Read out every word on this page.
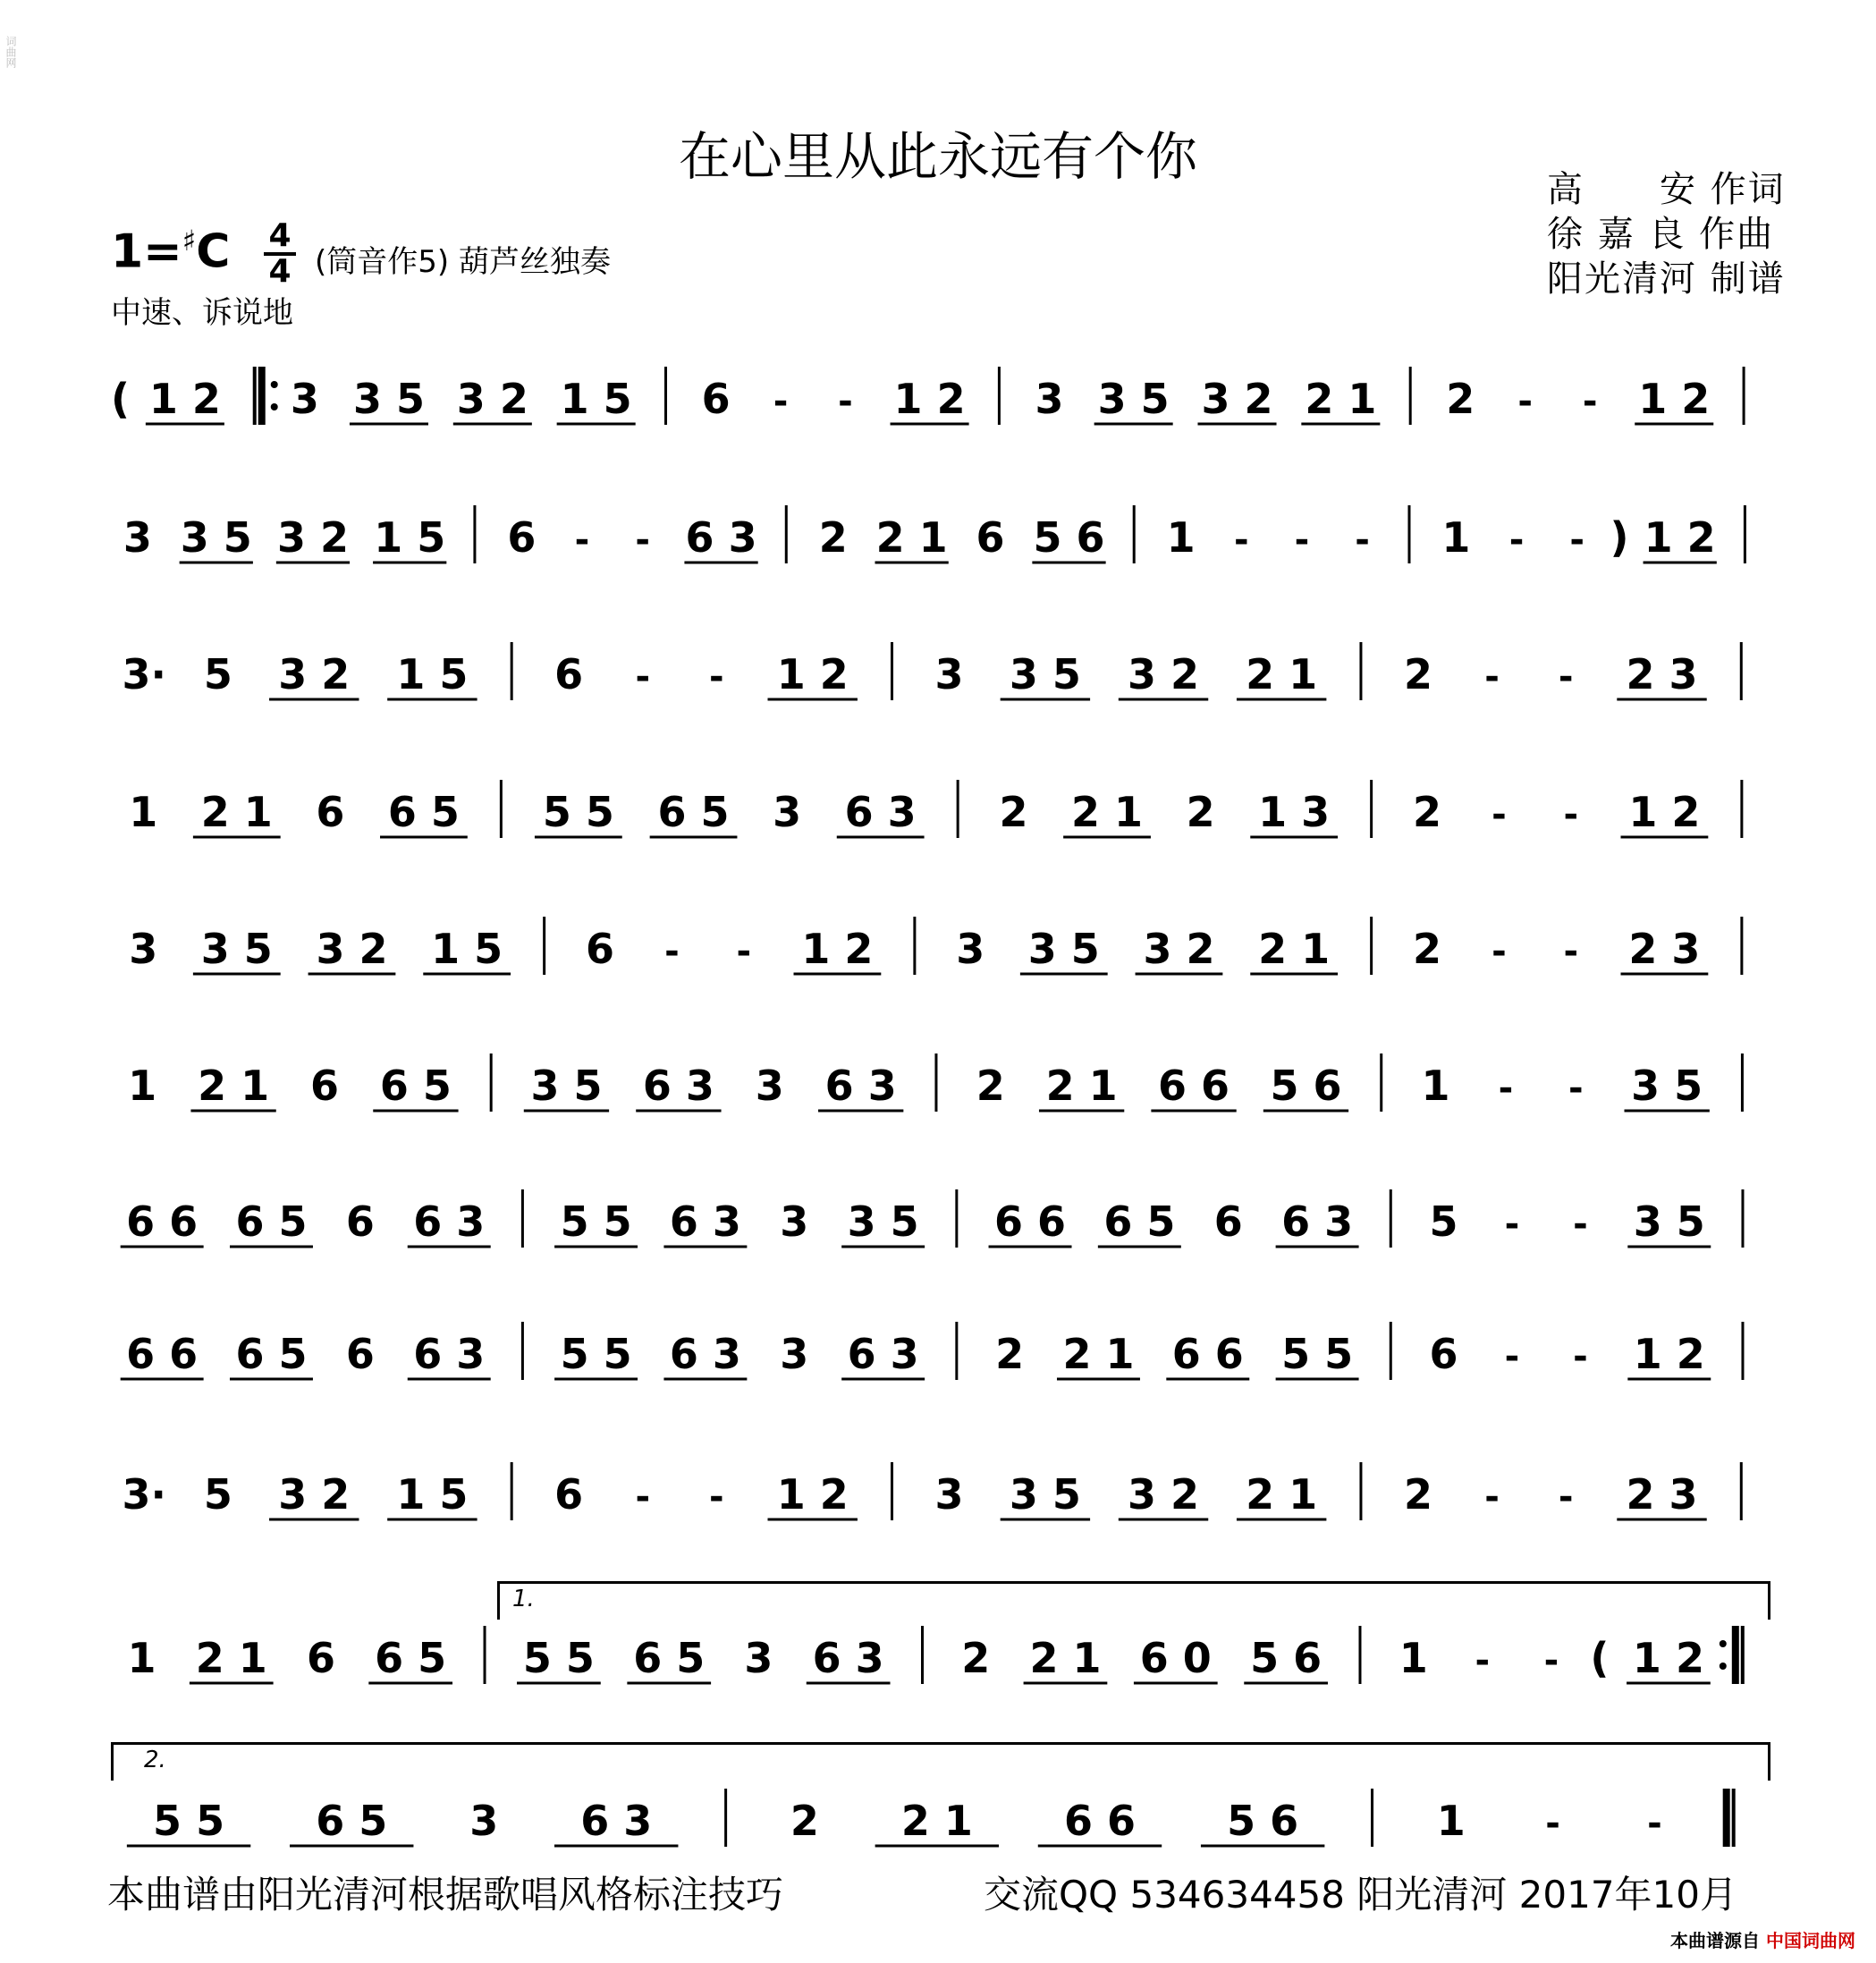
在心里从此永远有个你
高　　安 作词
徐 嘉 良 作曲
阳光清河 制谱
1=♯C 4
4 (筒音作5) 葫芦丝独奏
中速、诉说地
( 1 2 3 3 5 3 2 1 5 6 - - 1 2 3 3 5 3 2 2 1 2 - - 1 2
3 3 5 3 2 1 5 6 - - 6 3 2 2 1 6 5 6 1 - - - 1 - - ) 1 2
3· 5 3 2 1 5 6 - - 1 2 3 3 5 3 2 2 1 2 - - 2 3
1 2 1 6 6 5 5 5 6 5 3 6 3 2 2 1 2 1 3 2 - - 1 2
3 3 5 3 2 1 5 6 - - 1 2 3 3 5 3 2 2 1 2 - - 2 3
1 2 1 6 6 5 3 5 6 3 3 6 3 2 2 1 6 6 5 6 1 - - 3 5
6 6 6 5 6 6 3 5 5 6 3 3 3 5 6 6 6 5 6 6 3 5 - - 3 5
6 6 6 5 6 6 3 5 5 6 3 3 6 3 2 2 1 6 6 5 5 6 - - 1 2
3· 5 3 2 1 5 6 - - 1 2 3 3 5 3 2 2 1 2 - - 2 3
1 2 1 6 6 5 5 5 6 5 3 6 3 2 2 1 6 0 5 6 1 - - ( 1 2
5 5 6 5 3 6 3	2 2 1 6 6 5 6	1 - -
本曲谱由阳光清河根据歌唱风格标注技巧	交流QQ 534634458 阳光清河 2017年10月
本曲谱源自 中国词曲网
词曲网
1.
2.
